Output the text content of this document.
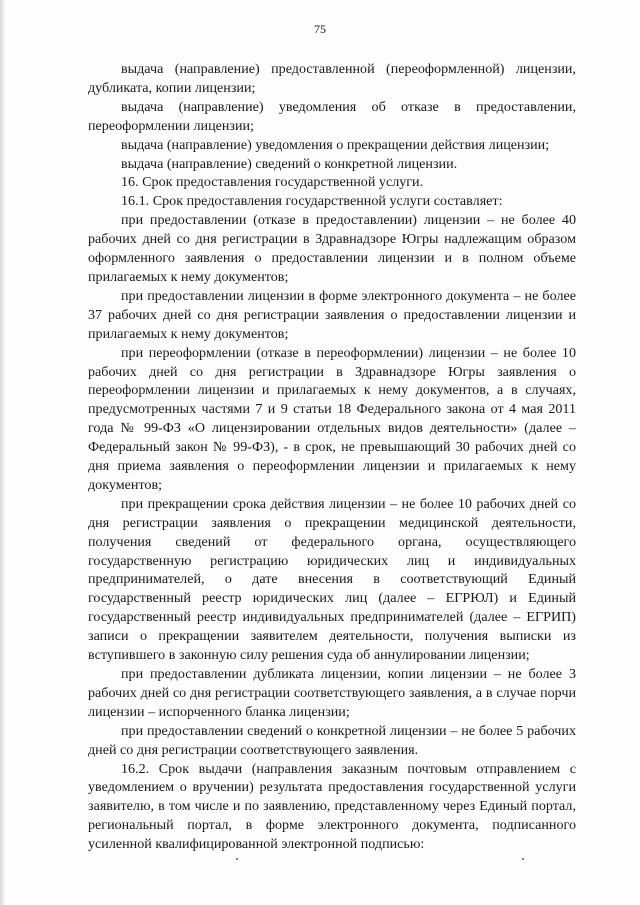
75

выдача (направление) предоставленной (переоформленной) лицензии, дубликата, копии лицензии;

выдача (направление) уведомления об отказе в предоставлении, переоформлении лицензии;

выдача (направление) уведомления о прекращении действия лицензии;

выдача (направление) сведений о конкретной лицензии.

16. Срок предоставления государственной услуги.

16.1. Срок предоставления государственной услуги составляет:

при предоставлении (отказе в предоставлении) лицензии – не более 40 рабочих дней со дня регистрации в Здравнадзоре Югры надлежащим образом оформленного заявления о предоставлении лицензии и в полном объеме прилагаемых к нему документов;

при предоставлении лицензии в форме электронного документа – не более 37 рабочих дней со дня регистрации заявления о предоставлении лицензии и прилагаемых к нему документов;

при переоформлении (отказе в переоформлении) лицензии – не более 10 рабочих дней со дня регистрации в Здравнадзоре Югры заявления о переоформлении лицензии и прилагаемых к нему документов, а в случаях, предусмотренных частями 7 и 9 статьи 18 Федерального закона от 4 мая 2011 года № 99-ФЗ «О лицензировании отдельных видов деятельности» (далее – Федеральный закон № 99-ФЗ), - в срок, не превышающий 30 рабочих дней со дня приема заявления о переоформлении лицензии и прилагаемых к нему документов;

при прекращении срока действия лицензии – не более 10 рабочих дней со дня регистрации заявления о прекращении медицинской деятельности, получения сведений от федерального органа, осуществляющего государственную регистрацию юридических лиц и индивидуальных предпринимателей, о дате внесения в соответствующий Единый государственный реестр юридических лиц (далее – ЕГРЮЛ) и Единый государственный реестр индивидуальных предпринимателей (далее – ЕГРИП) записи о прекращении заявителем деятельности, получения выписки из вступившего в законную силу решения суда об аннулировании лицензии;

при предоставлении дубликата лицензии, копии лицензии – не более 3 рабочих дней со дня регистрации соответствующего заявления, а в случае порчи лицензии – испорченного бланка лицензии;

при предоставлении сведений о конкретной лицензии – не более 5 рабочих дней со дня регистрации соответствующего заявления.

16.2. Срок выдачи (направления заказным почтовым отправлением с уведомлением о вручении) результата предоставления государственной услуги заявителю, в том числе и по заявлению, представленному через Единый портал, региональный портал, в форме электронного документа, подписанного усиленной квалифицированной электронной подписью:
